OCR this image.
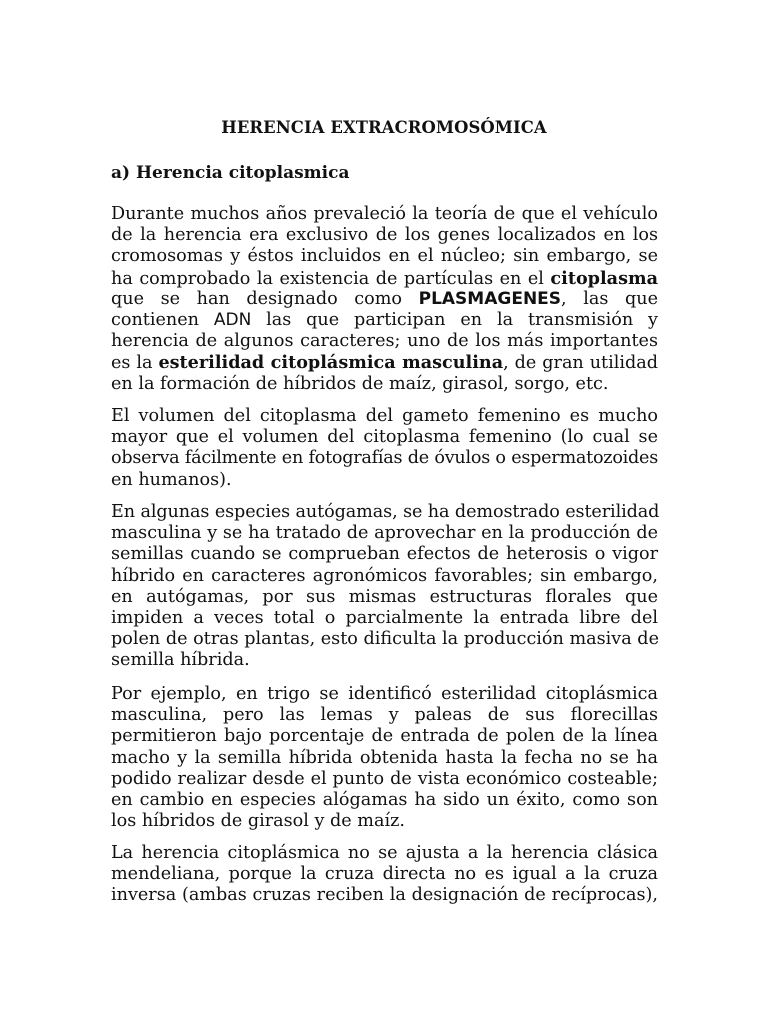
HERENCIA EXTRACROMOSÓMICA
a) Herencia citoplasmica
Durante muchos años prevaleció la teoría de que el vehículo
de la herencia era exclusivo de los genes localizados en los
cromosomas y éstos incluidos en el núcleo; sin embargo, se
ha comprobado la existencia de partículas en el citoplasma
que se han designado como PLASMAGENES, las que
contienen ADN las que participan en la transmisión y
herencia de algunos caracteres; uno de los más importantes
es la esterilidad citoplásmica masculina, de gran utilidad
en la formación de híbridos de maíz, girasol, sorgo, etc.
El volumen del citoplasma del gameto femenino es mucho
mayor que el volumen del citoplasma femenino (lo cual se
observa fácilmente en fotografías de óvulos o espermatozoides
en humanos).
En algunas especies autógamas, se ha demostrado esterilidad
masculina y se ha tratado de aprovechar en la producción de
semillas cuando se comprueban efectos de heterosis o vigor
híbrido en caracteres agronómicos favorables; sin embargo,
en autógamas, por sus mismas estructuras florales que
impiden a veces total o parcialmente la entrada libre del
polen de otras plantas, esto dificulta la producción masiva de
semilla híbrida.
Por ejemplo, en trigo se identificó esterilidad citoplásmica
masculina, pero las lemas y paleas de sus florecillas
permitieron bajo porcentaje de entrada de polen de la línea
macho y la semilla híbrida obtenida hasta la fecha no se ha
podido realizar desde el punto de vista económico costeable;
en cambio en especies alógamas ha sido un éxito, como son
los híbridos de girasol y de maíz.
La herencia citoplásmica no se ajusta a la herencia clásica
mendeliana, porque la cruza directa no es igual a la cruza
inversa (ambas cruzas reciben la designación de recíprocas),
